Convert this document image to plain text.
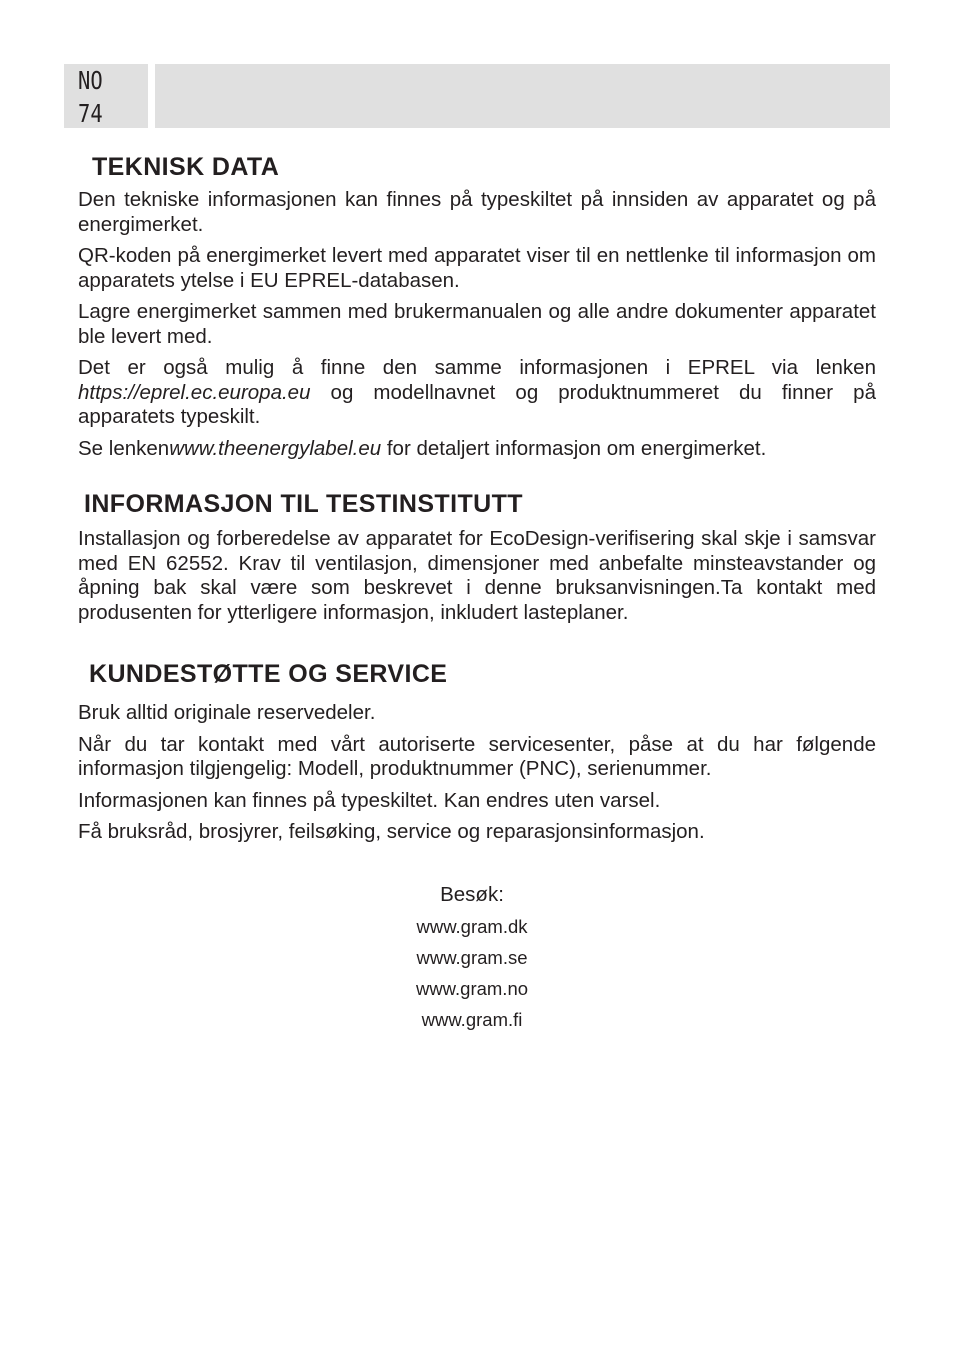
NO
74
TEKNISK DATA

Den tekniske informasjonen kan finnes på typeskiltet på innsiden av apparatet og på energimerket.

QR-koden på energimerket levert med apparatet viser til en nettlenke til informasjon om apparatets ytelse i EU EPREL-databasen.

Lagre energimerket sammen med brukermanualen og alle andre dokumenter apparatet ble levert med.

Det er også mulig å finne den samme informasjonen i EPREL via lenken https://eprel.ec.europa.eu og modellnavnet og produktnummeret du finner på apparatets typeskilt.

Se lenkenwww.theenergylabel.eu for detaljert informasjon om energimerket.

INFORMASJON TIL TESTINSTITUTT

Installasjon og forberedelse av apparatet for EcoDesign-verifisering skal skje i samsvar med EN 62552. Krav til ventilasjon, dimensjoner med anbefalte minsteavstander og åpning bak skal være som beskrevet i denne bruksanvisningen.Ta kontakt med produsenten for ytterligere informasjon, inkludert lasteplaner.

KUNDESTØTTE OG SERVICE

Bruk alltid originale reservedeler.

Når du tar kontakt med vårt autoriserte servicesenter, påse at du har følgende informasjon tilgjengelig: Modell, produktnummer (PNC), serienummer.

Informasjonen kan finnes på typeskiltet. Kan endres uten varsel.

Få bruksråd, brosjyrer, feilsøking, service og reparasjonsinformasjon.

Besøk:
www.gram.dk
www.gram.se
www.gram.no
www.gram.fi
